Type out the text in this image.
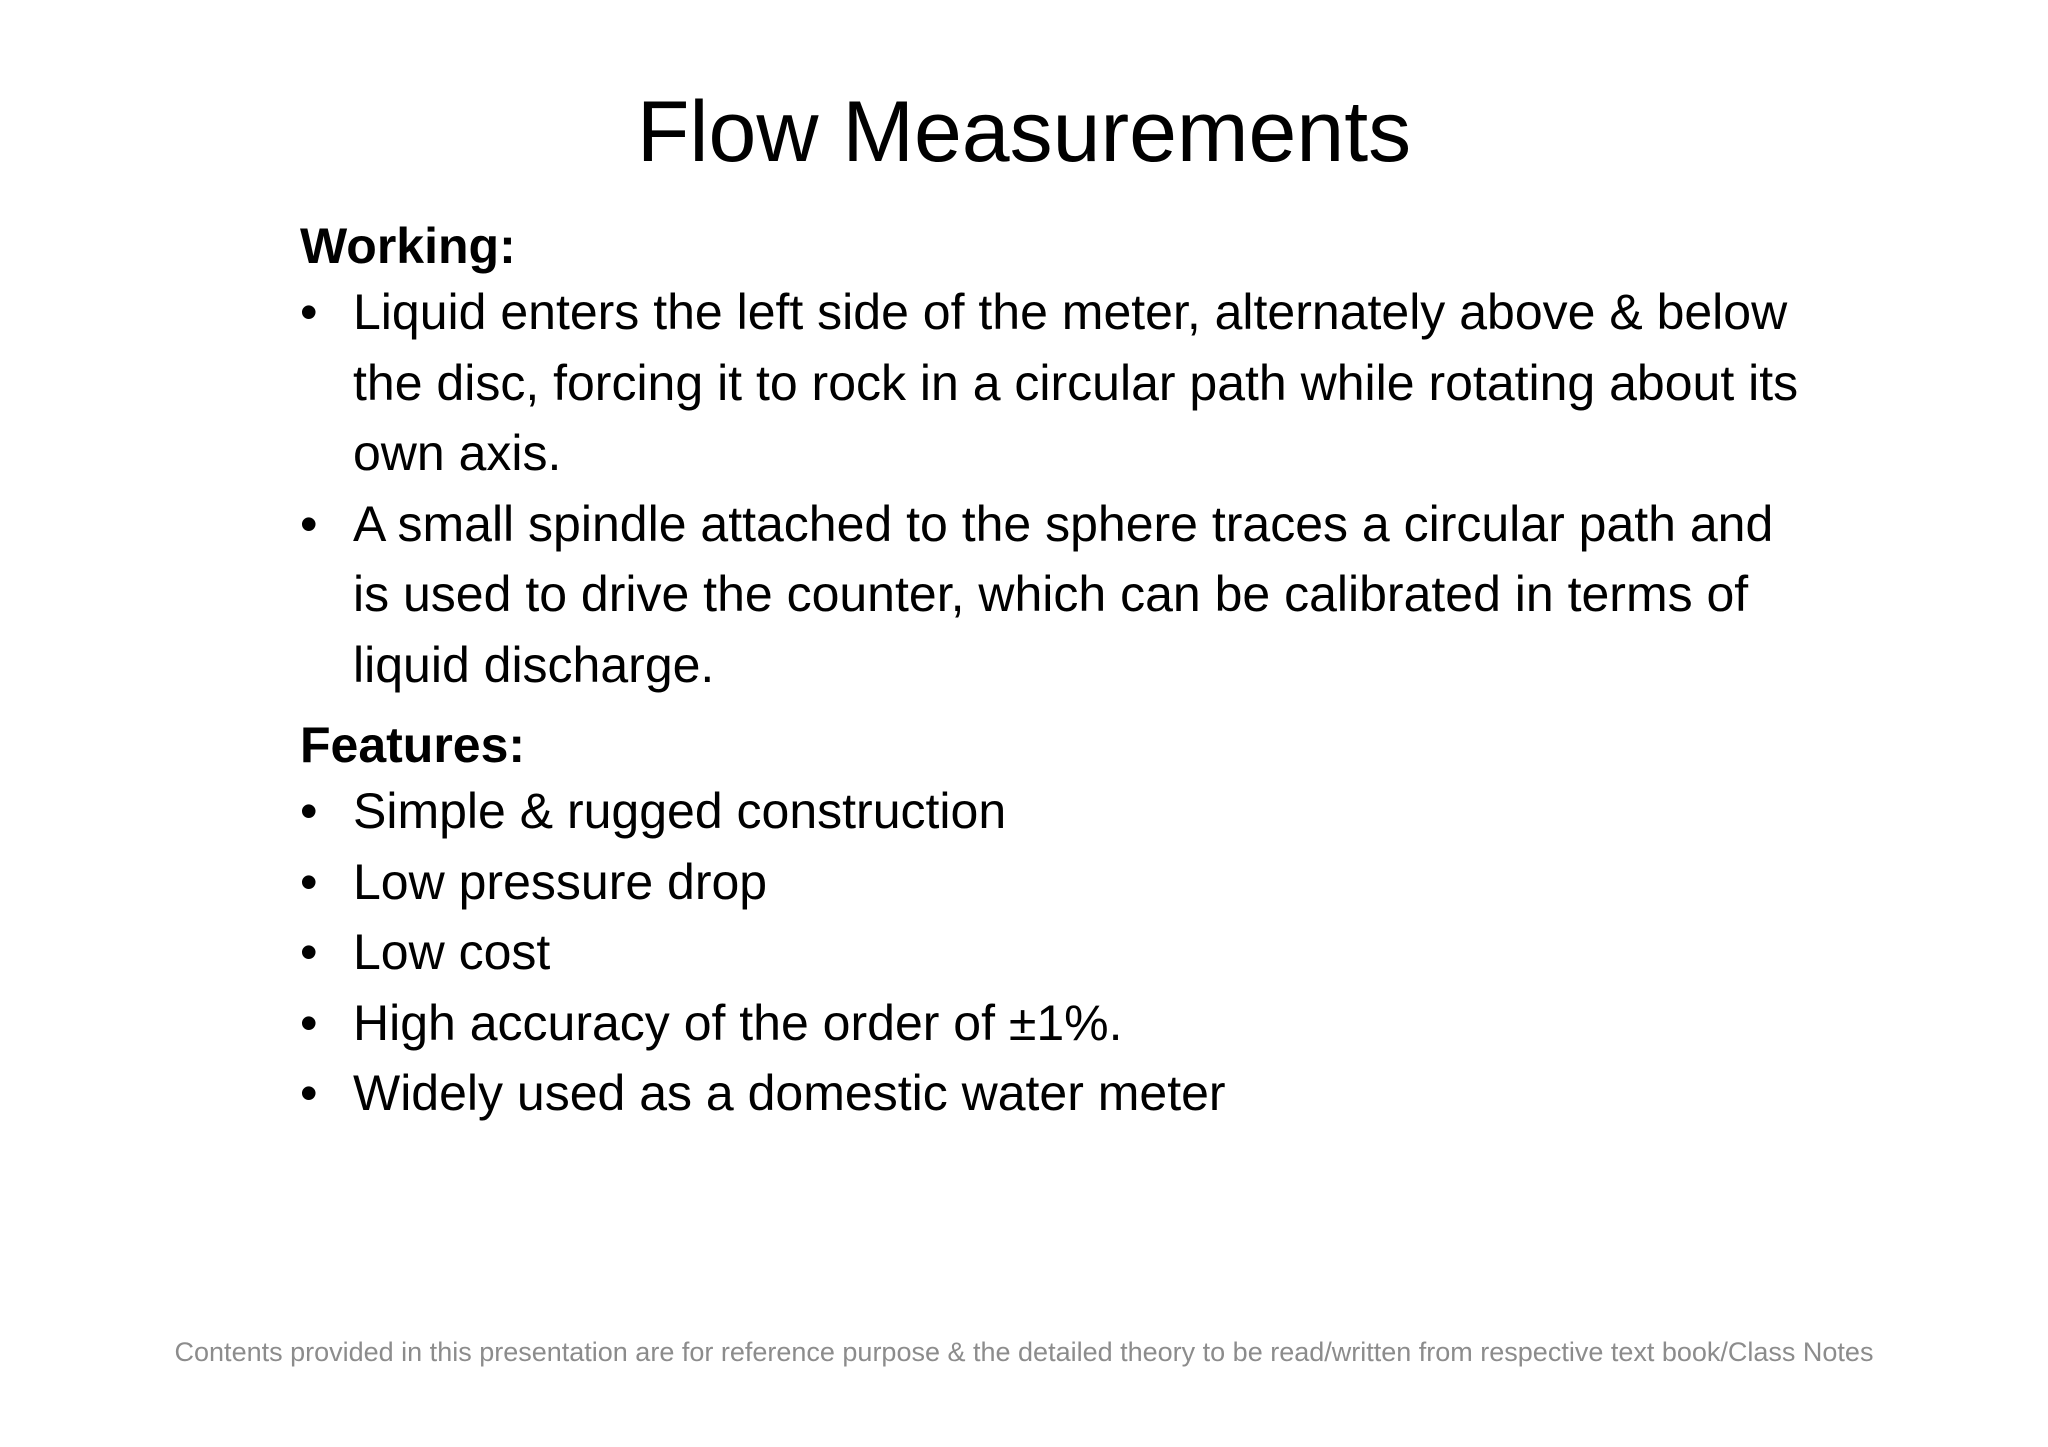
Flow Measurements

Working:

• Liquid enters the left side of the meter, alternately above & below the disc, forcing it to rock in a circular path while rotating about its own axis.
• A small spindle attached to the sphere traces a circular path and is used to drive the counter, which can be calibrated in terms of liquid discharge.

Features:

• Simple & rugged construction
• Low pressure drop
• Low cost
• High accuracy of the order of ±1%.
• Widely used as a domestic water meter
Contents provided in this presentation are for reference purpose & the detailed theory to be read/written from respective text book/Class Notes
